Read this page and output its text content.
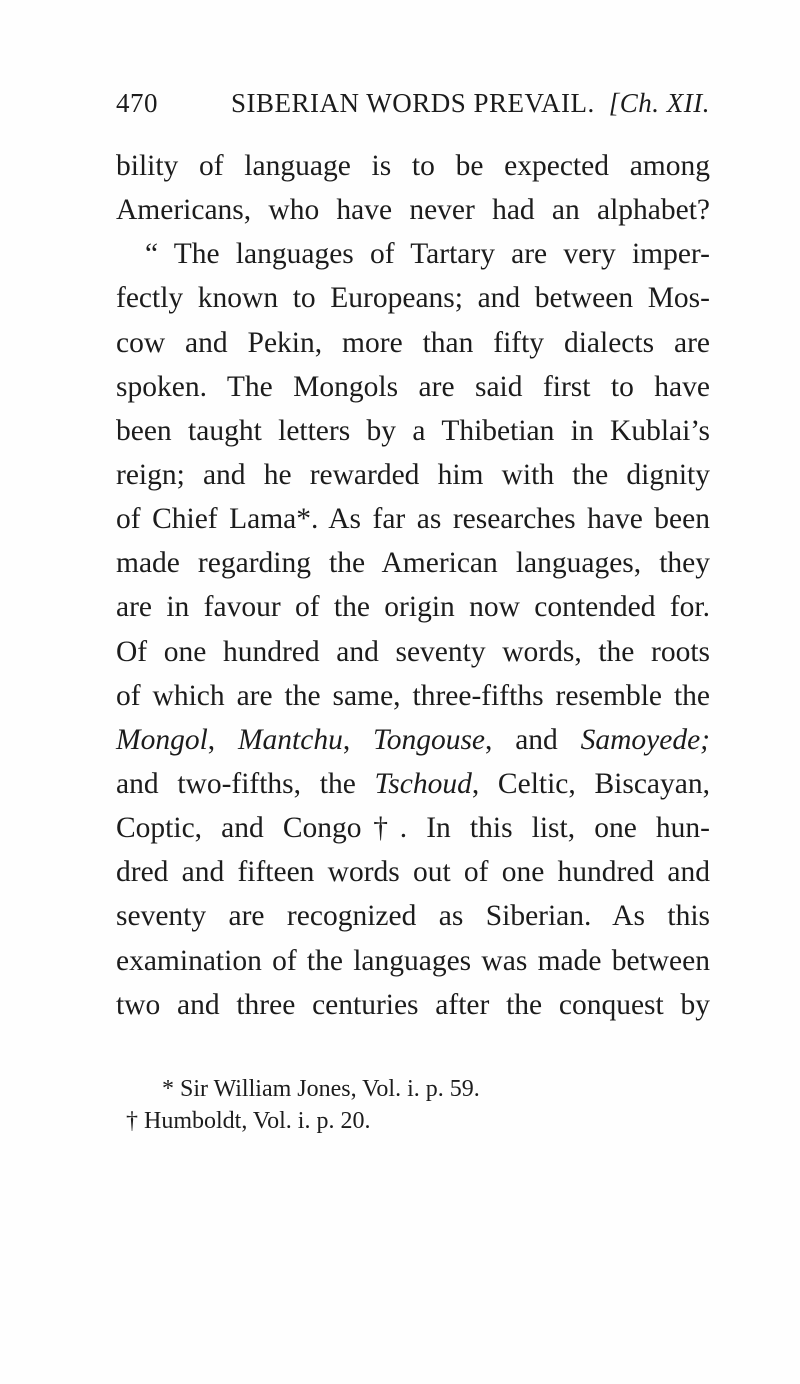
470	SIBERIAN WORDS PREVAIL. [Ch. XII.
bility of language is to be expected among
Americans, who have never had an alphabet?
“ The languages of Tartary are very imper-
fectly known to Europeans; and between Mos-
cow and Pekin, more than fifty dialects are
spoken. The Mongols are said first to have
been taught letters by a Thibetian in Kublai’s
reign; and he rewarded him with the dignity
of Chief Lama*. As far as researches have been
made regarding the American languages, they
are in favour of the origin now contended for.
Of one hundred and seventy words, the roots
of which are the same, three-fifths resemble the
Mongol, Mantchu, Tongouse, and Samoyede;
and two-fifths, the Tschoud, Celtic, Biscayan,
Coptic, and Congo†. In this list, one hun-
dred and fifteen words out of one hundred and
seventy are recognized as Siberian. As this
examination of the languages was made between
two and three centuries after the conquest by
* Sir William Jones, Vol. i. p. 59.
† Humboldt, Vol. i. p. 20.
